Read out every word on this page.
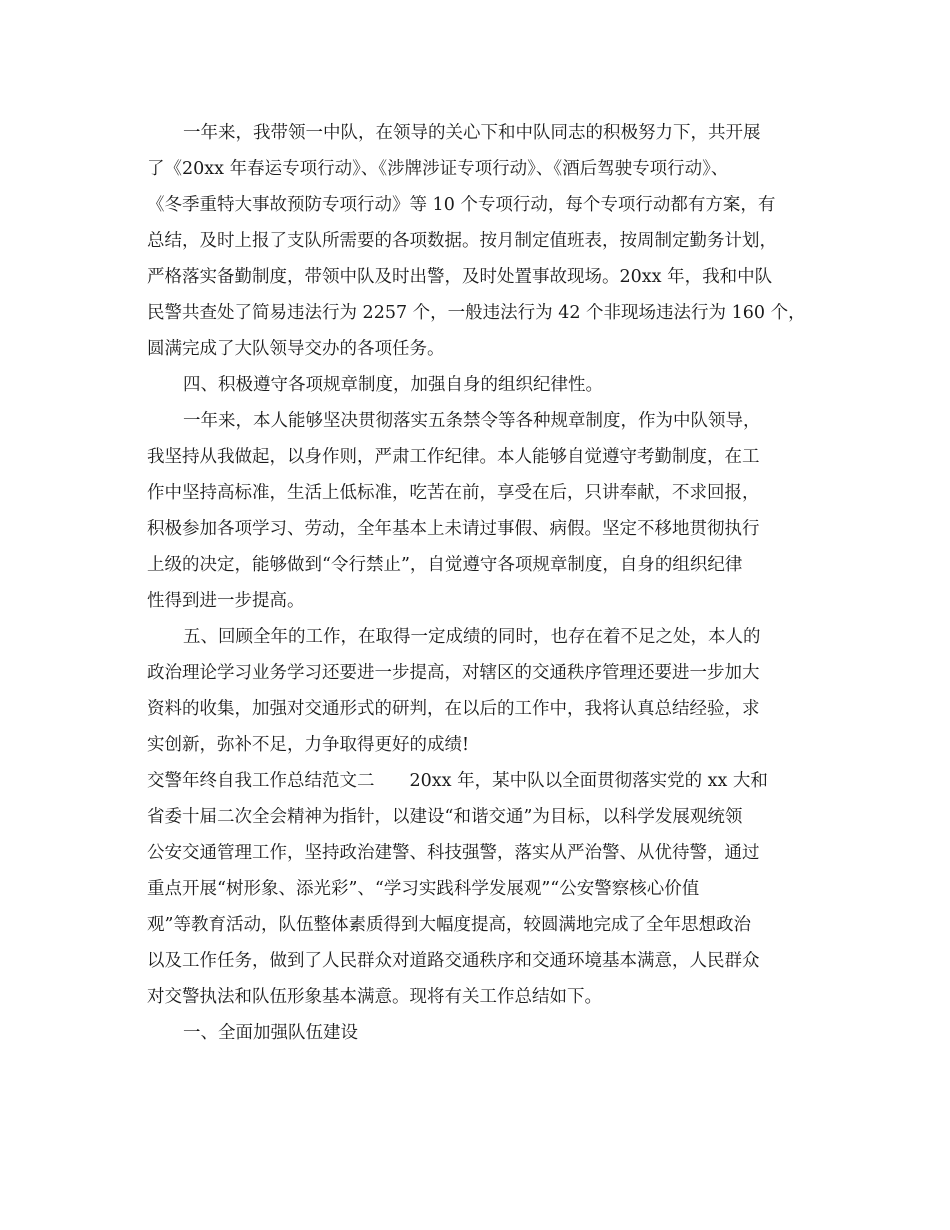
一年来，我带领一中队，在领导的关心下和中队同志的积极努力下，共开展
了《20xx 年春运专项行动》、《涉牌涉证专项行动》、《酒后驾驶专项行动》、
《冬季重特大事故预防专项行动》等 10 个专项行动，每个专项行动都有方案，有
总结，及时上报了支队所需要的各项数据。按月制定值班表，按周制定勤务计划，
严格落实备勤制度，带领中队及时出警，及时处置事故现场。20xx 年，我和中队
民警共查处了简易违法行为 2257 个，一般违法行为 42 个非现场违法行为 160 个，
圆满完成了大队领导交办的各项任务。
四、积极遵守各项规章制度，加强自身的组织纪律性。
一年来，本人能够坚决贯彻落实五条禁令等各种规章制度，作为中队领导，
我坚持从我做起，以身作则，严肃工作纪律。本人能够自觉遵守考勤制度，在工
作中坚持高标准，生活上低标准，吃苦在前，享受在后，只讲奉献，不求回报，
积极参加各项学习、劳动，全年基本上未请过事假、病假。坚定不移地贯彻执行
上级的决定，能够做到“令行禁止”，自觉遵守各项规章制度，自身的组织纪律
性得到进一步提高。
五、回顾全年的工作，在取得一定成绩的同时，也存在着不足之处，本人的
政治理论学习业务学习还要进一步提高，对辖区的交通秩序管理还要进一步加大
资料的收集，加强对交通形式的研判，在以后的工作中，我将认真总结经验，求
实创新，弥补不足，力争取得更好的成绩!
交警年终自我工作总结范文二　　20xx 年，某中队以全面贯彻落实党的 xx 大和
省委十届二次全会精神为指针，以建设“和谐交通”为目标，以科学发展观统领
公安交通管理工作，坚持政治建警、科技强警，落实从严治警、从优待警，通过
重点开展“树形象、添光彩”、“学习实践科学发展观”“公安警察核心价值
观”等教育活动，队伍整体素质得到大幅度提高，较圆满地完成了全年思想政治
以及工作任务，做到了人民群众对道路交通秩序和交通环境基本满意，人民群众
对交警执法和队伍形象基本满意。现将有关工作总结如下。
一、全面加强队伍建设
